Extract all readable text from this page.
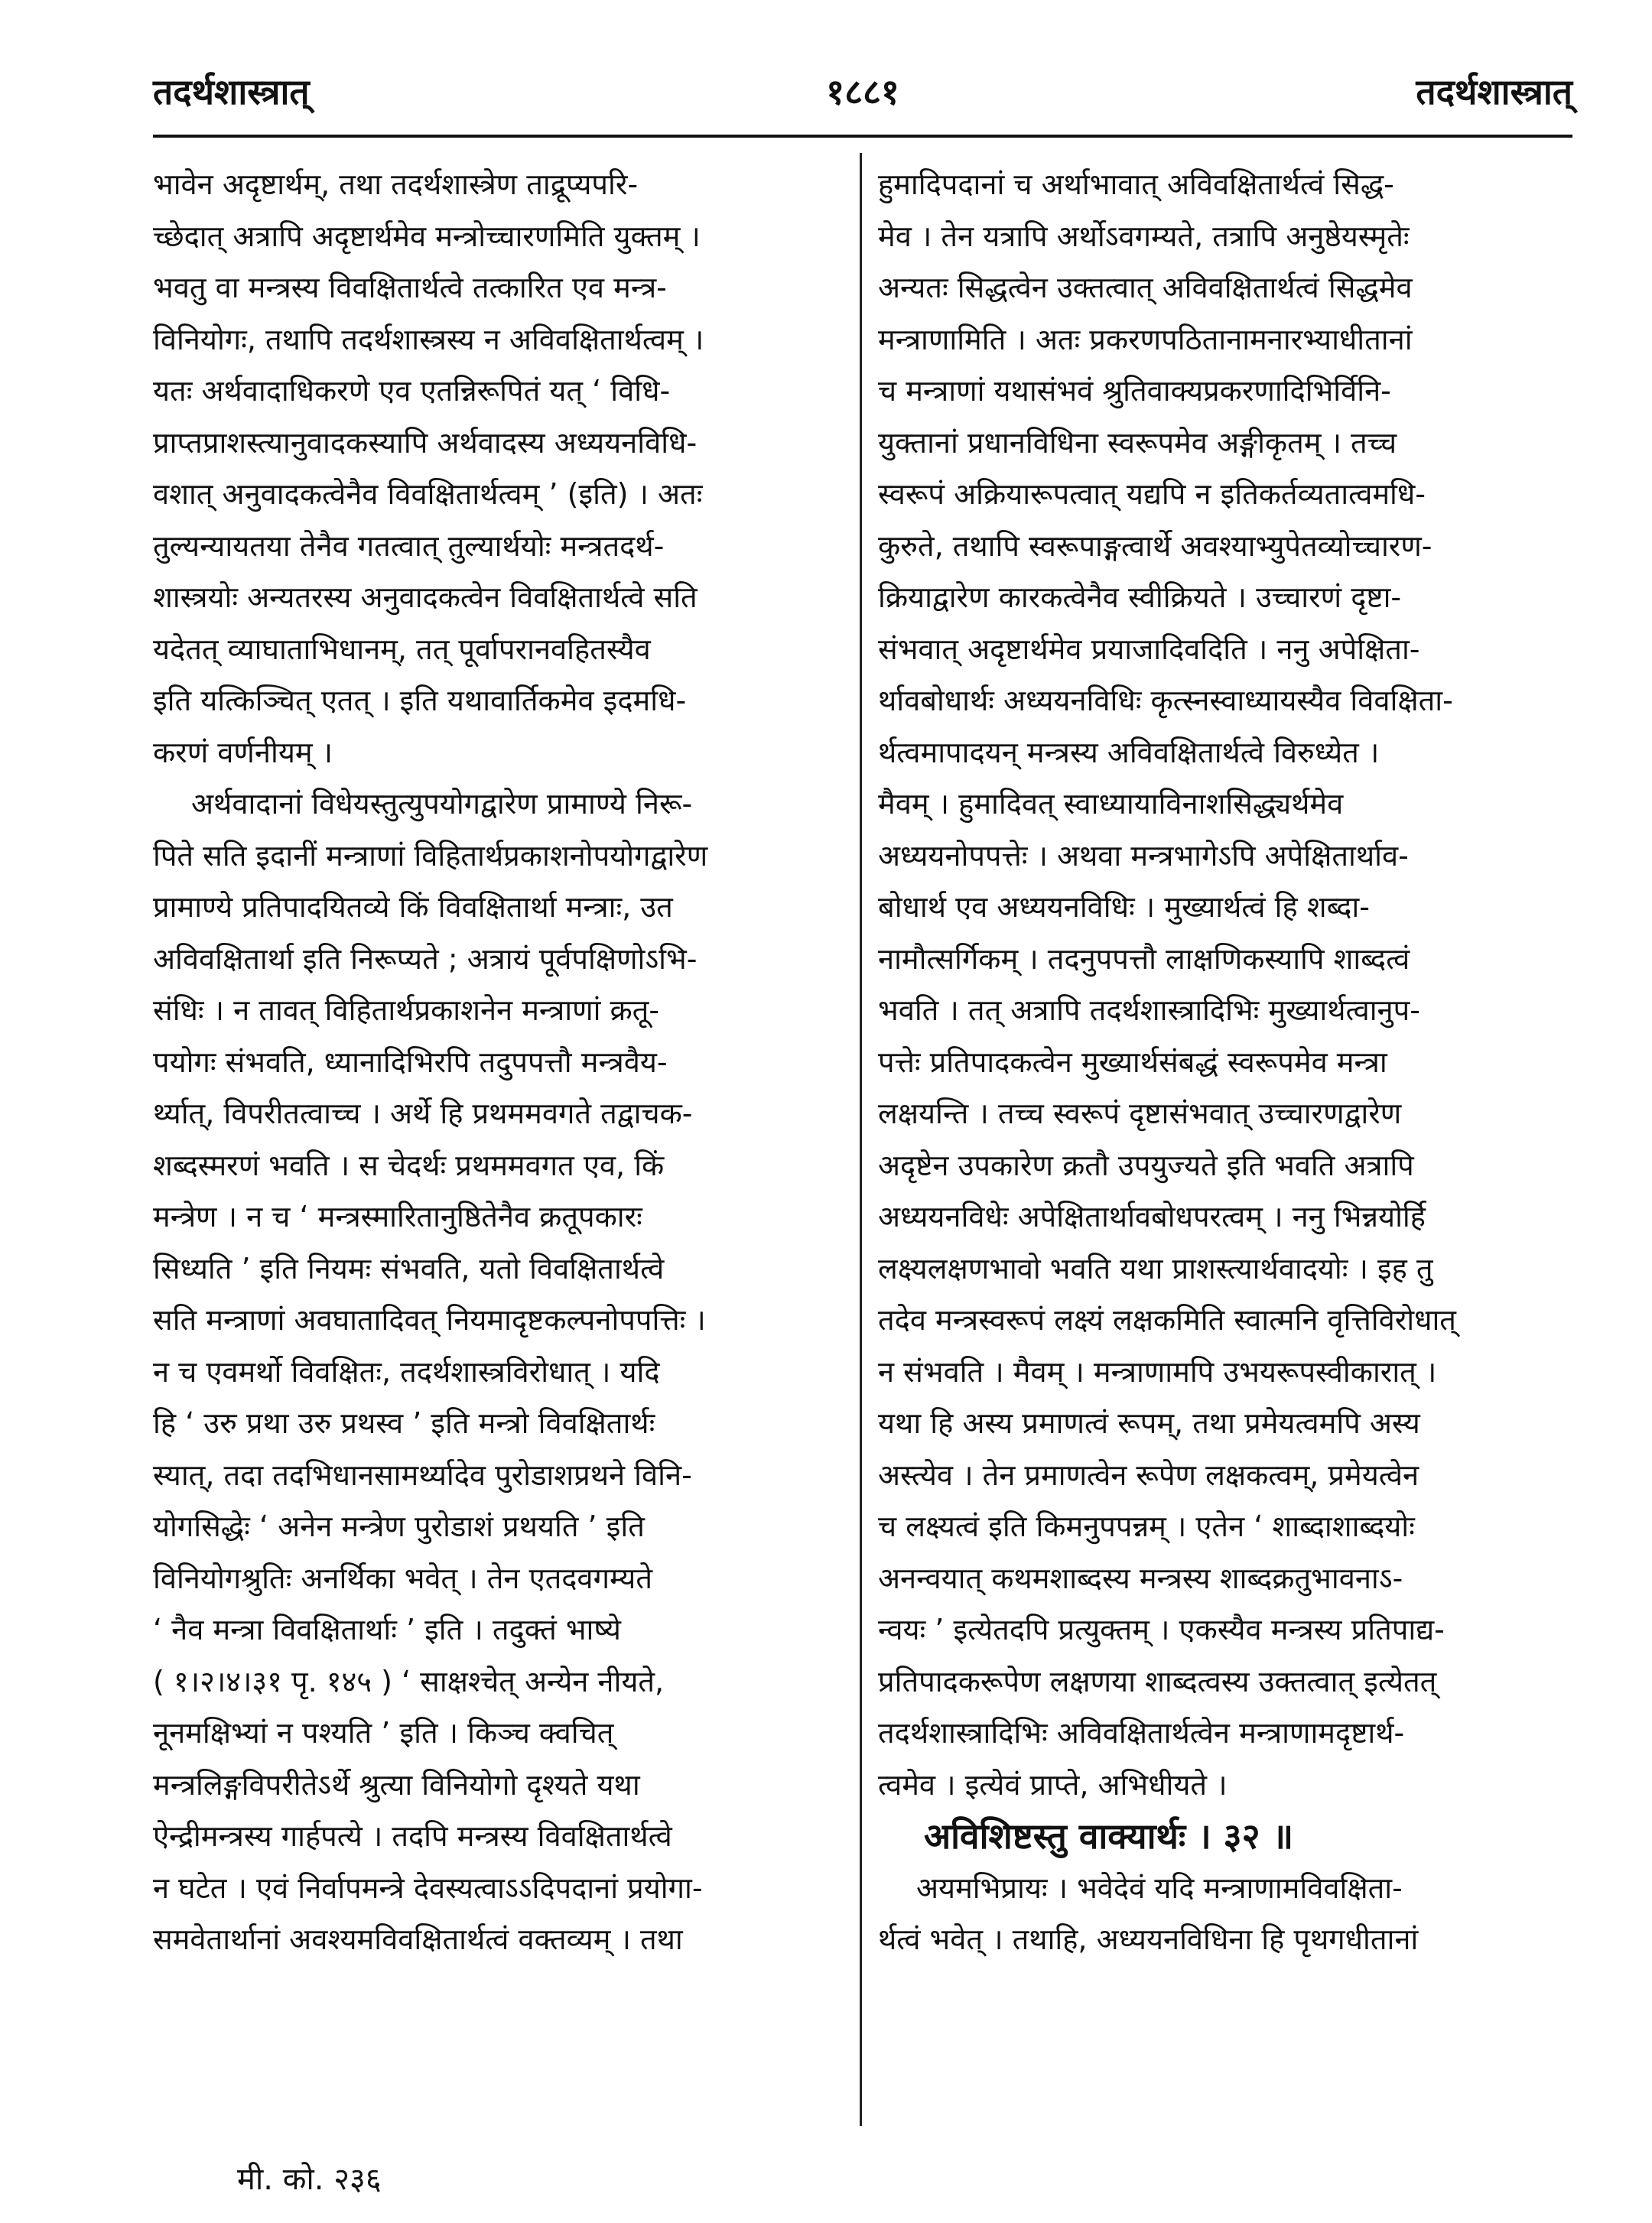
तदर्थशास्त्रात्	१८८१	तदर्थशास्त्रात्
भावेन अदृष्टार्थम्, तथा तदर्थशास्त्रेण ताद्रूप्यपरि-
च्छेदात् अत्रापि अदृष्टार्थमेव मन्त्रोच्चारणमिति युक्तम् ।
भवतु वा मन्त्रस्य विवक्षितार्थत्वे तत्कारित एव मन्त्र-
विनियोगः, तथापि तदर्थशास्त्रस्य न अविवक्षितार्थत्वम् ।
यतः अर्थवादाधिकरणे एव एतन्निरूपितं यत् ‘ विधि-
प्राप्तप्राशस्त्यानुवादकस्यापि अर्थवादस्य अध्ययनविधि-
वशात् अनुवादकत्वेनैव विवक्षितार्थत्वम् ’ (इति) । अतः
तुल्यन्यायतया तेनैव गतत्वात् तुल्यार्थयोः मन्त्रतदर्थ-
शास्त्रयोः अन्यतरस्य अनुवादकत्वेन विवक्षितार्थत्वे सति
यदेतत् व्याघाताभिधानम्, तत् पूर्वापरानवहितस्यैव
इति यत्किञ्चित् एतत् । इति यथावार्तिकमेव इदमधि-
करणं वर्णनीयम् ।
अर्थवादानां विधेयस्तुत्युपयोगद्वारेण प्रामाण्ये निरू-
पिते सति इदानीं मन्त्राणां विहितार्थप्रकाशनोपयोगद्वारेण
प्रामाण्ये प्रतिपादयितव्ये किं विवक्षितार्था मन्त्राः, उत
अविवक्षितार्था इति निरूप्यते ; अत्रायं पूर्वपक्षिणोऽभि-
संधिः । न तावत् विहितार्थप्रकाशनेन मन्त्राणां क्रतू-
पयोगः संभवति, ध्यानादिभिरपि तदुपपत्तौ मन्त्रवैय-
र्थ्यात्, विपरीतत्वाच्च । अर्थे हि प्रथममवगते तद्वाचक-
शब्दस्मरणं भवति । स चेदर्थः प्रथममवगत एव, किं
मन्त्रेण । न च ‘ मन्त्रस्मारितानुष्ठितेनैव क्रतूपकारः
सिध्यति ’ इति नियमः संभवति, यतो विवक्षितार्थत्वे
सति मन्त्राणां अवघातादिवत् नियमादृष्टकल्पनोपपत्तिः ।
न च एवमर्थो विवक्षितः, तदर्थशास्त्रविरोधात् । यदि
हि ‘ उरु प्रथा उरु प्रथस्व ’ इति मन्त्रो विवक्षितार्थः
स्यात्, तदा तदभिधानसामर्थ्यादेव पुरोडाशप्रथने विनि-
योगसिद्धेः ‘ अनेन मन्त्रेण पुरोडाशं प्रथयति ’ इति
विनियोगश्रुतिः अनर्थिका भवेत् । तेन एतदवगम्यते
‘ नैव मन्त्रा विवक्षितार्थाः ’ इति । तदुक्तं भाष्ये
( १।२।४।३१ पृ. १४५ ) ‘ साक्षश्चेत् अन्येन नीयते,
नूनमक्षिभ्यां न पश्यति ’ इति । किञ्च क्वचित्
मन्त्रलिङ्गविपरीतेऽर्थे श्रुत्या विनियोगो दृश्यते यथा
ऐन्द्रीमन्त्रस्य गार्हपत्ये । तदपि मन्त्रस्य विवक्षितार्थत्वे
न घटेत । एवं निर्वापमन्त्रे देवस्यत्वाऽऽदिपदानां प्रयोगा-
समवेतार्थानां अवश्यमविवक्षितार्थत्वं वक्तव्यम् । तथा
हुमादिपदानां च अर्थाभावात् अविवक्षितार्थत्वं सिद्ध-
मेव । तेन यत्रापि अर्थोऽवगम्यते, तत्रापि अनुष्ठेयस्मृतेः
अन्यतः सिद्धत्वेन उक्तत्वात् अविवक्षितार्थत्वं सिद्धमेव
मन्त्राणामिति । अतः प्रकरणपठितानामनारभ्याधीतानां
च मन्त्राणां यथासंभवं श्रुतिवाक्यप्रकरणादिभिर्विनि-
युक्तानां प्रधानविधिना स्वरूपमेव अङ्गीकृतम् । तच्च
स्वरूपं अक्रियारूपत्वात् यद्यपि न इतिकर्तव्यतात्वमधि-
कुरुते, तथापि स्वरूपाङ्गत्वार्थे अवश्याभ्युपेतव्योच्चारण-
क्रियाद्वारेण कारकत्वेनैव स्वीक्रियते । उच्चारणं दृष्टा-
संभवात् अदृष्टार्थमेव प्रयाजादिवदिति । ननु अपेक्षिता-
र्थावबोधार्थः अध्ययनविधिः कृत्स्नस्वाध्यायस्यैव विवक्षिता-
र्थत्वमापादयन् मन्त्रस्य अविवक्षितार्थत्वे विरुध्येत ।
मैवम् । हुमादिवत् स्वाध्यायाविनाशसिद्ध्यर्थमेव
अध्ययनोपपत्तेः । अथवा मन्त्रभागेऽपि अपेक्षितार्थाव-
बोधार्थ एव अध्ययनविधिः । मुख्यार्थत्वं हि शब्दा-
नामौत्सर्गिकम् । तदनुपपत्तौ लाक्षणिकस्यापि शाब्दत्वं
भवति । तत् अत्रापि तदर्थशास्त्रादिभिः मुख्यार्थत्वानुप-
पत्तेः प्रतिपादकत्वेन मुख्यार्थसंबद्धं स्वरूपमेव मन्त्रा
लक्षयन्ति । तच्च स्वरूपं दृष्टासंभवात् उच्चारणद्वारेण
अदृष्टेन उपकारेण क्रतौ उपयुज्यते इति भवति अत्रापि
अध्ययनविधेः अपेक्षितार्थावबोधपरत्वम् । ननु भिन्नयोर्हि
लक्ष्यलक्षणभावो भवति यथा प्राशस्त्यार्थवादयोः । इह तु
तदेव मन्त्रस्वरूपं लक्ष्यं लक्षकमिति स्वात्मनि वृत्तिविरोधात्
न संभवति । मैवम् । मन्त्राणामपि उभयरूपस्वीकारात् ।
यथा हि अस्य प्रमाणत्वं रूपम्, तथा प्रमेयत्वमपि अस्य
अस्त्येव । तेन प्रमाणत्वेन रूपेण लक्षकत्वम्, प्रमेयत्वेन
च लक्ष्यत्वं इति किमनुपपन्नम् । एतेन ‘ शाब्दाशाब्दयोः
अनन्वयात् कथमशाब्दस्य मन्त्रस्य शाब्दक्रतुभावनाऽ-
न्वयः ’ इत्येतदपि प्रत्युक्तम् । एकस्यैव मन्त्रस्य प्रतिपाद्य-
प्रतिपादकरूपेण लक्षणया शाब्दत्वस्य उक्तत्वात् इत्येतत्
तदर्थशास्त्रादिभिः अविवक्षितार्थत्वेन मन्त्राणामदृष्टार्थ-
त्वमेव । इत्येवं प्राप्ते, अभिधीयते ।
अविशिष्टस्तु वाक्यार्थः । ३२ ॥
अयमभिप्रायः । भवेदेवं यदि मन्त्राणामविवक्षिता-
र्थत्वं भवेत् । तथाहि, अध्ययनविधिना हि पृथगधीतानां
मी. को. २३६
